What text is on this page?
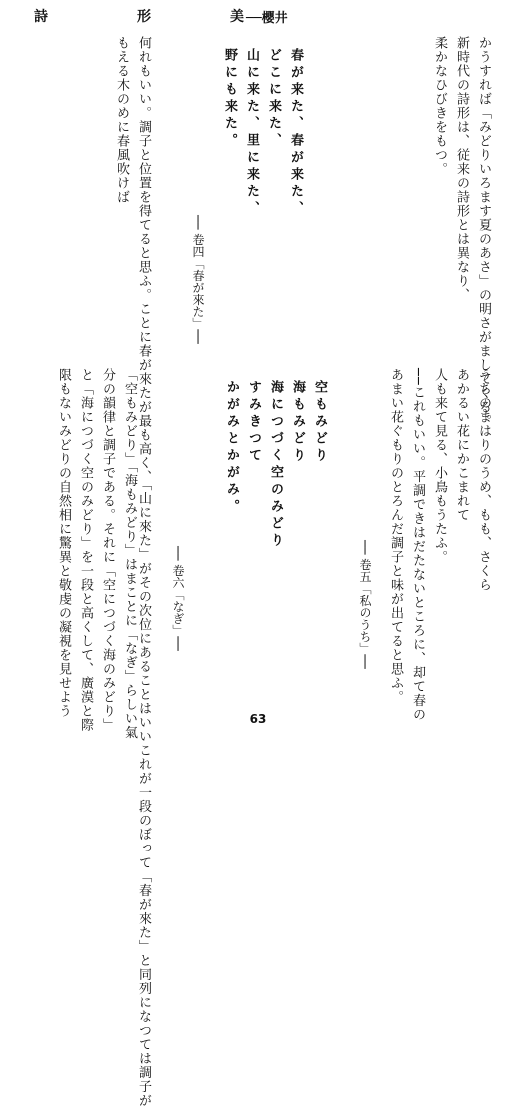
詩	形	美 ──櫻井
かうすれば「みどりいろます夏のあさ」の明さがましてくる。
新時代の詩形は、従来の詩形とは異なり、
柔かなひびきをもつ。
春が来た、春が来た、
どこに来た、
山に来た、里に来た、
野にも来た。
── 卷四「春が來た」──
何れもいい。調子と位置を得てると思ふ。ことに春が來たが最も高く、「山に來た」がその次位にあることはいいこれが一段のぼって「春が來た」と同列になつては調子が
もえる木のめに春風吹けば
うちのまはりのうめ、もも、さくら
あかるい花にかこまれて
人も来て見る、小鳥もうたふ。
──これもいい。平調できはだたないところに、却て春の
あまい花ぐもりのとろんだ調子と味が出てると思ふ。
── 卷五「私のうち」──
空もみどり
海もみどり
海につづく空のみどり
すみきつて
かがみとかがみ。
── 卷六「なぎ」──
「空もみどり」「海もみどり」はまことに「なぎ」らしい氣
分の韻律と調子である。それに「空につづく海のみどり」
と「海につづく空のみどり」を一段と高くして、廣漠と際
限もないみどりの自然相に驚異と敬虔の凝視を見せよう
63
